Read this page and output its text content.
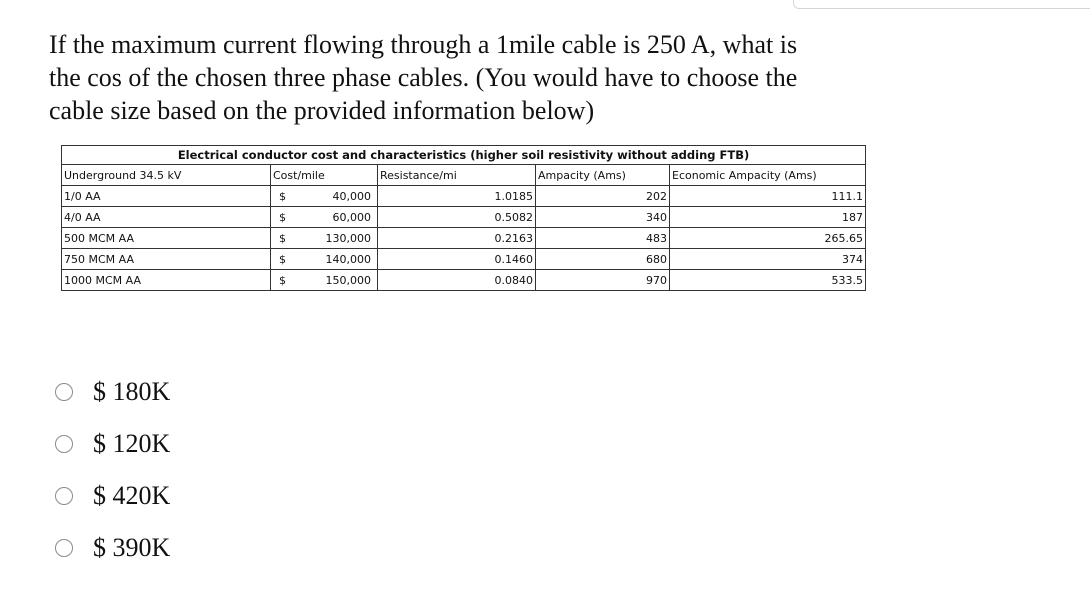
If the maximum current flowing through a 1mile cable is 250 A, what is
the cos of the chosen three phase cables. (You would have to choose the
cable size based on the provided information below)
Electrical conductor cost and characteristics (higher soil resistivity without adding FTB)					
Underground 34.5 kV	Cost/mile		Resistance/mi	Ampacity (Ams)	Economic Ampacity (Ams)
1/0 AA	$	40,000	1.0185	202	111.1
4/0 AA	$	60,000	0.5082	340	187
500 MCM AA	$	130,000	0.2163	483	265.65
750 MCM AA	$	140,000	0.1460	680	374
1000 MCM AA	$	150,000	0.0840	970	533.5
$ 180K
$ 120K
$ 420K
$ 390K
